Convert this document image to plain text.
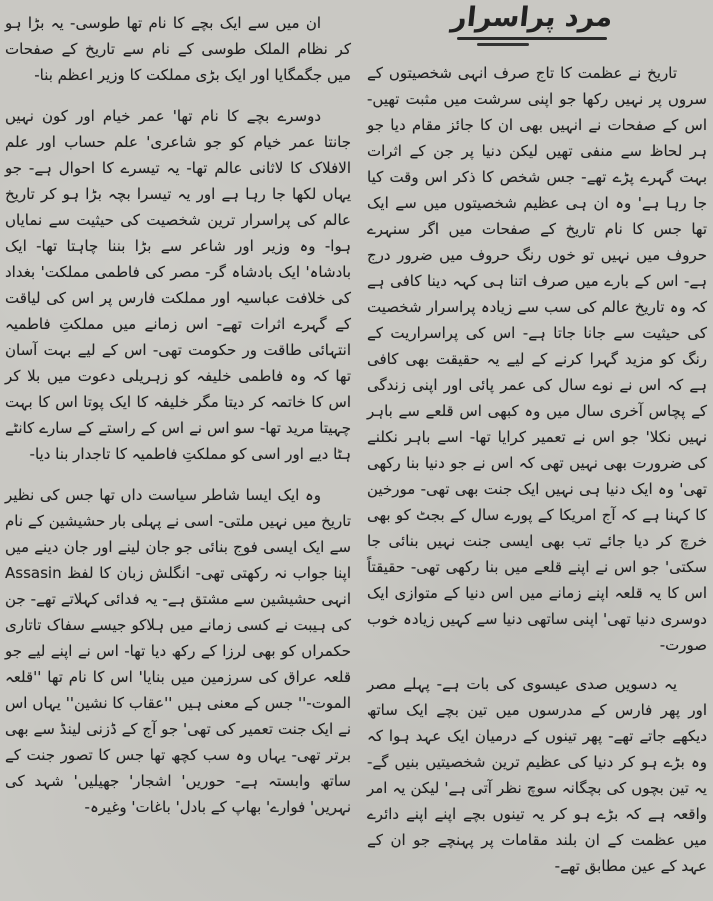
مرد پراسرار

تاریخ نے عظمت کا تاج صرف انہی شخصیتوں کے سروں پر نہیں رکھا جو اپنی سرشت میں مثبت تھیں- اس کے صفحات نے انہیں بھی ان کا جائز مقام دیا جو ہر لحاظ سے منفی تھیں لیکن دنیا پر جن کے اثرات بہت گہرے پڑے تھے- جس شخص کا ذکر اس وقت کیا جا رہا ہے' وہ ان ہی عظیم شخصیتوں میں سے ایک تھا جس کا نام تاریخ کے صفحات میں اگر سنہرے حروف میں نہیں تو خوں رنگ حروف میں ضرور درج ہے- اس کے بارے میں صرف اتنا ہی کہہ دینا کافی ہے کہ وہ تاریخ عالم کی سب سے زیادہ پراسرار شخصیت کی حیثیت سے جانا جاتا ہے- اس کی پراسراریت کے رنگ کو مزید گہرا کرنے کے لیے یہ حقیقت بھی کافی ہے کہ اس نے نوے سال کی عمر پائی اور اپنی زندگی کے پچاس آخری سال میں وہ کبھی اس قلعے سے باہر نہیں نکلا' جو اس نے تعمیر کرایا تھا- اسے باہر نکلنے کی ضرورت بھی نہیں تھی کہ اس نے جو دنیا بنا رکھی تھی' وہ ایک دنیا ہی نہیں ایک جنت بھی تھی- مورخین کا کہنا ہے کہ آج امریکا کے پورے سال کے بجٹ کو بھی خرچ کر دیا جائے تب بھی ایسی جنت نہیں بنائی جا سکتی' جو اس نے اپنے قلعے میں بنا رکھی تھی- حقیقتاً اس کا یہ قلعہ اپنے زمانے میں اس دنیا کے متوازی ایک دوسری دنیا تھی' اپنی ساتھی دنیا سے کہیں زیادہ خوب صورت-

یہ دسویں صدی عیسوی کی بات ہے- پہلے مصر اور پھر فارس کے مدرسوں میں تین بچے ایک ساتھ دیکھے جاتے تھے- پھر تینوں کے درمیان ایک عہد ہوا کہ وہ بڑے ہو کر دنیا کی عظیم ترین شخصیتیں بنیں گے- یہ تین بچوں کی بچگانہ سوچ نظر آتی ہے' لیکن یہ امر واقعہ ہے کہ بڑے ہو کر یہ تینوں بچے اپنے اپنے دائرے میں عظمت کے ان بلند مقامات پر پہنچے جو ان کے عہد کے عین مطابق تھے-

ان میں سے ایک بچے کا نام تھا طوسی- یہ بڑا ہو کر نظام الملک طوسی کے نام سے تاریخ کے صفحات میں جگمگایا اور ایک بڑی مملکت کا وزیر اعظم بنا-

دوسرے بچے کا نام تھا' عمر خیام اور کون نہیں جانتا عمر خیام کو جو شاعری' علم حساب اور علم الافلاک کا لاثانی عالم تھا- یہ تیسرے کا احوال ہے- جو یہاں لکھا جا رہا ہے اور یہ تیسرا بچہ بڑا ہو کر تاریخ عالم کی پراسرار ترین شخصیت کی حیثیت سے نمایاں ہوا- وہ وزیر اور شاعر سے بڑا بننا چاہتا تھا- ایک بادشاہ' ایک بادشاہ گر- مصر کی فاطمی مملکت' بغداد کی خلافت عباسیہ اور مملکت فارس پر اس کی لیاقت کے گہرے اثرات تھے- اس زمانے میں مملکتِ فاطمیہ انتہائی طاقت ور حکومت تھی- اس کے لیے بہت آسان تھا کہ وہ فاطمی خلیفہ کو زہریلی دعوت میں بلا کر اس کا خاتمہ کر دیتا مگر خلیفہ کا ایک پوتا اس کا بہت چہیتا مرید تھا- سو اس نے اس کے راستے کے سارے کانٹے ہٹا دیے اور اسی کو مملکتِ فاطمیہ کا تاجدار بنا دیا-

وہ ایک ایسا شاطر سیاست داں تھا جس کی نظیر تاریخ میں نہیں ملتی- اسی نے پہلی بار حشیشین کے نام سے ایک ایسی فوج بنائی جو جان لینے اور جان دینے میں اپنا جواب نہ رکھتی تھی- انگلش زبان کا لفظ Assasin انہی حشیشین سے مشتق ہے- یہ فدائی کہلاتے تھے- جن کی ہیبت نے کسی زمانے میں ہلاکو جیسے سفاک تاتاری حکمراں کو بھی لرزا کے رکھ دیا تھا- اس نے اپنے لیے جو قلعہ عراق کی سرزمین میں بنایا' اس کا نام تھا ''قلعہ الموت-'' جس کے معنی ہیں ''عقاب کا نشین'' یہاں اس نے ایک جنت تعمیر کی تھی' جو آج کے ڈزنی لینڈ سے بھی برتر تھی- یہاں وہ سب کچھ تھا جس کا تصور جنت کے ساتھ وابستہ ہے- حوریں' اشجار' جھیلیں' شہد کی نہریں' فوارے' بھاپ کے بادل' باغات' وغیرہ-
